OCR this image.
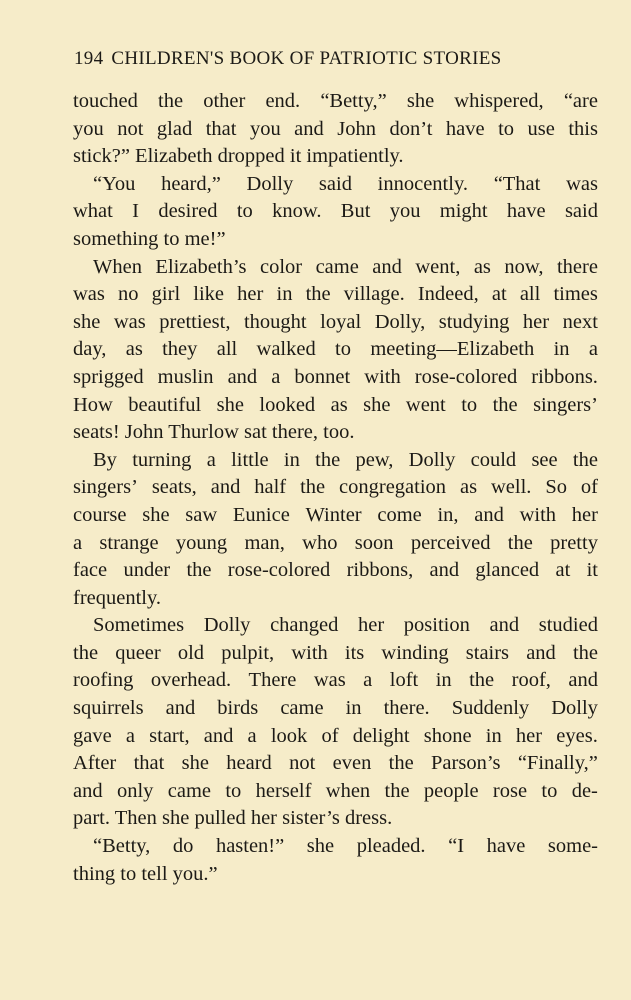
194 CHILDREN'S BOOK OF PATRIOTIC STORIES
touched the other end. “Betty,” she whispered, “are
you not glad that you and John don’t have to use this
stick?” Elizabeth dropped it impatiently.
“You heard,” Dolly said innocently. “That was
what I desired to know. But you might have said
something to me!”
When Elizabeth’s color came and went, as now, there
was no girl like her in the village. Indeed, at all times
she was prettiest, thought loyal Dolly, studying her next
day, as they all walked to meeting—Elizabeth in a
sprigged muslin and a bonnet with rose-colored ribbons.
How beautiful she looked as she went to the singers’
seats! John Thurlow sat there, too.
By turning a little in the pew, Dolly could see the
singers’ seats, and half the congregation as well. So of
course she saw Eunice Winter come in, and with her
a strange young man, who soon perceived the pretty
face under the rose-colored ribbons, and glanced at it
frequently.
Sometimes Dolly changed her position and studied
the queer old pulpit, with its winding stairs and the
roofing overhead. There was a loft in the roof, and
squirrels and birds came in there. Suddenly Dolly
gave a start, and a look of delight shone in her eyes.
After that she heard not even the Parson’s “Finally,”
and only came to herself when the people rose to de-
part. Then she pulled her sister’s dress.
“Betty, do hasten!” she pleaded. “I have some-
thing to tell you.”
